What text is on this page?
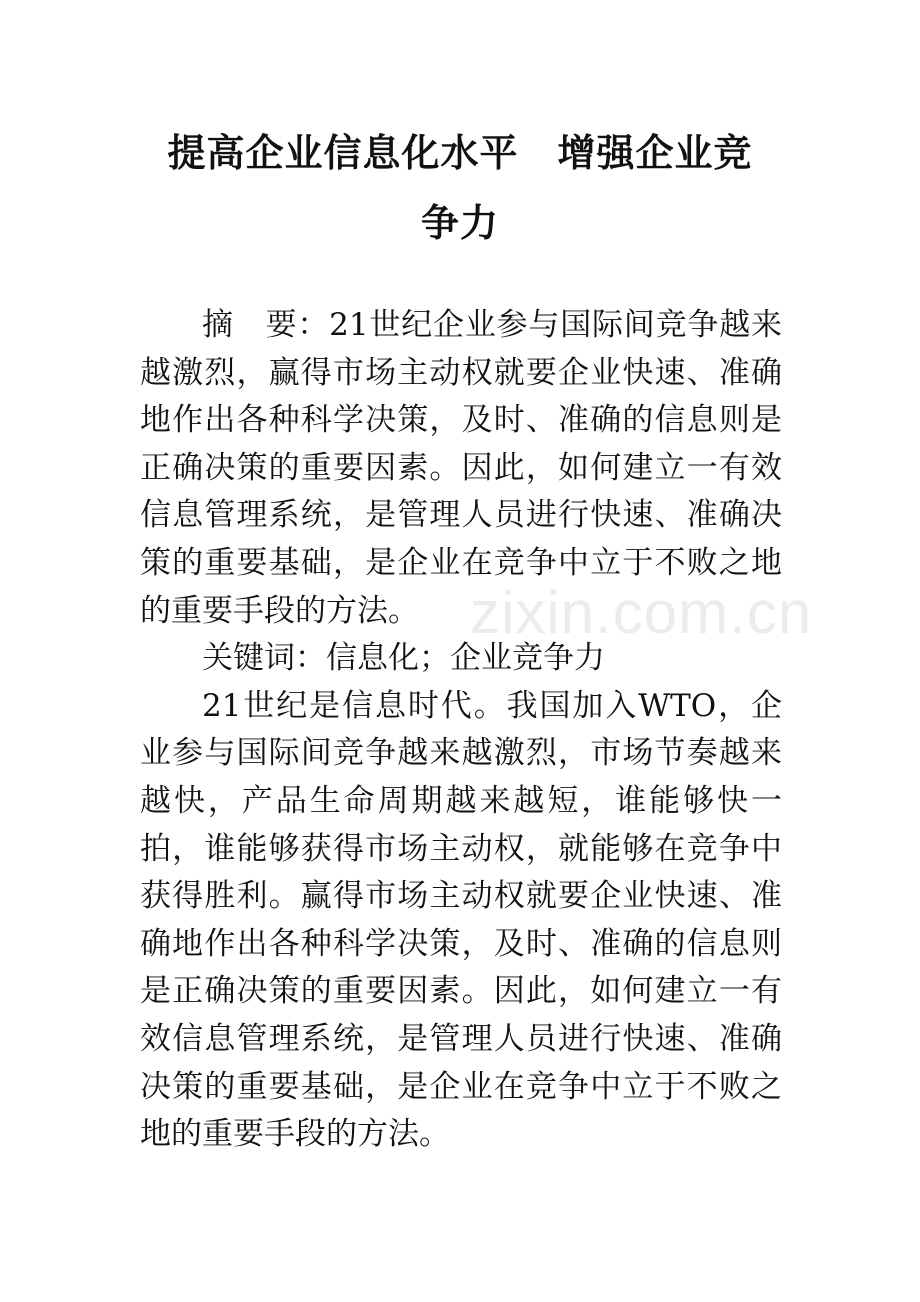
提高企业信息化水平　增强企业竞
争力

摘　要：21世纪企业参与国际间竞争越来越激烈，赢得市场主动权就要企业快速、准确地作出各种科学决策，及时、准确的信息则是正确决策的重要因素。因此，如何建立一有效信息管理系统，是管理人员进行快速、准确决策的重要基础，是企业在竞争中立于不败之地的重要手段的方法。

关键词：信息化；企业竞争力

21世纪是信息时代。我国加入WTO，企业参与国际间竞争越来越激烈，市场节奏越来越快，产品生命周期越来越短，谁能够快一拍，谁能够获得市场主动权，就能够在竞争中获得胜利。赢得市场主动权就要企业快速、准确地作出各种科学决策，及时、准确的信息则是正确决策的重要因素。因此，如何建立一有效信息管理系统，是管理人员进行快速、准确决策的重要基础，是企业在竞争中立于不败之地的重要手段的方法。

zixin.com.cn
